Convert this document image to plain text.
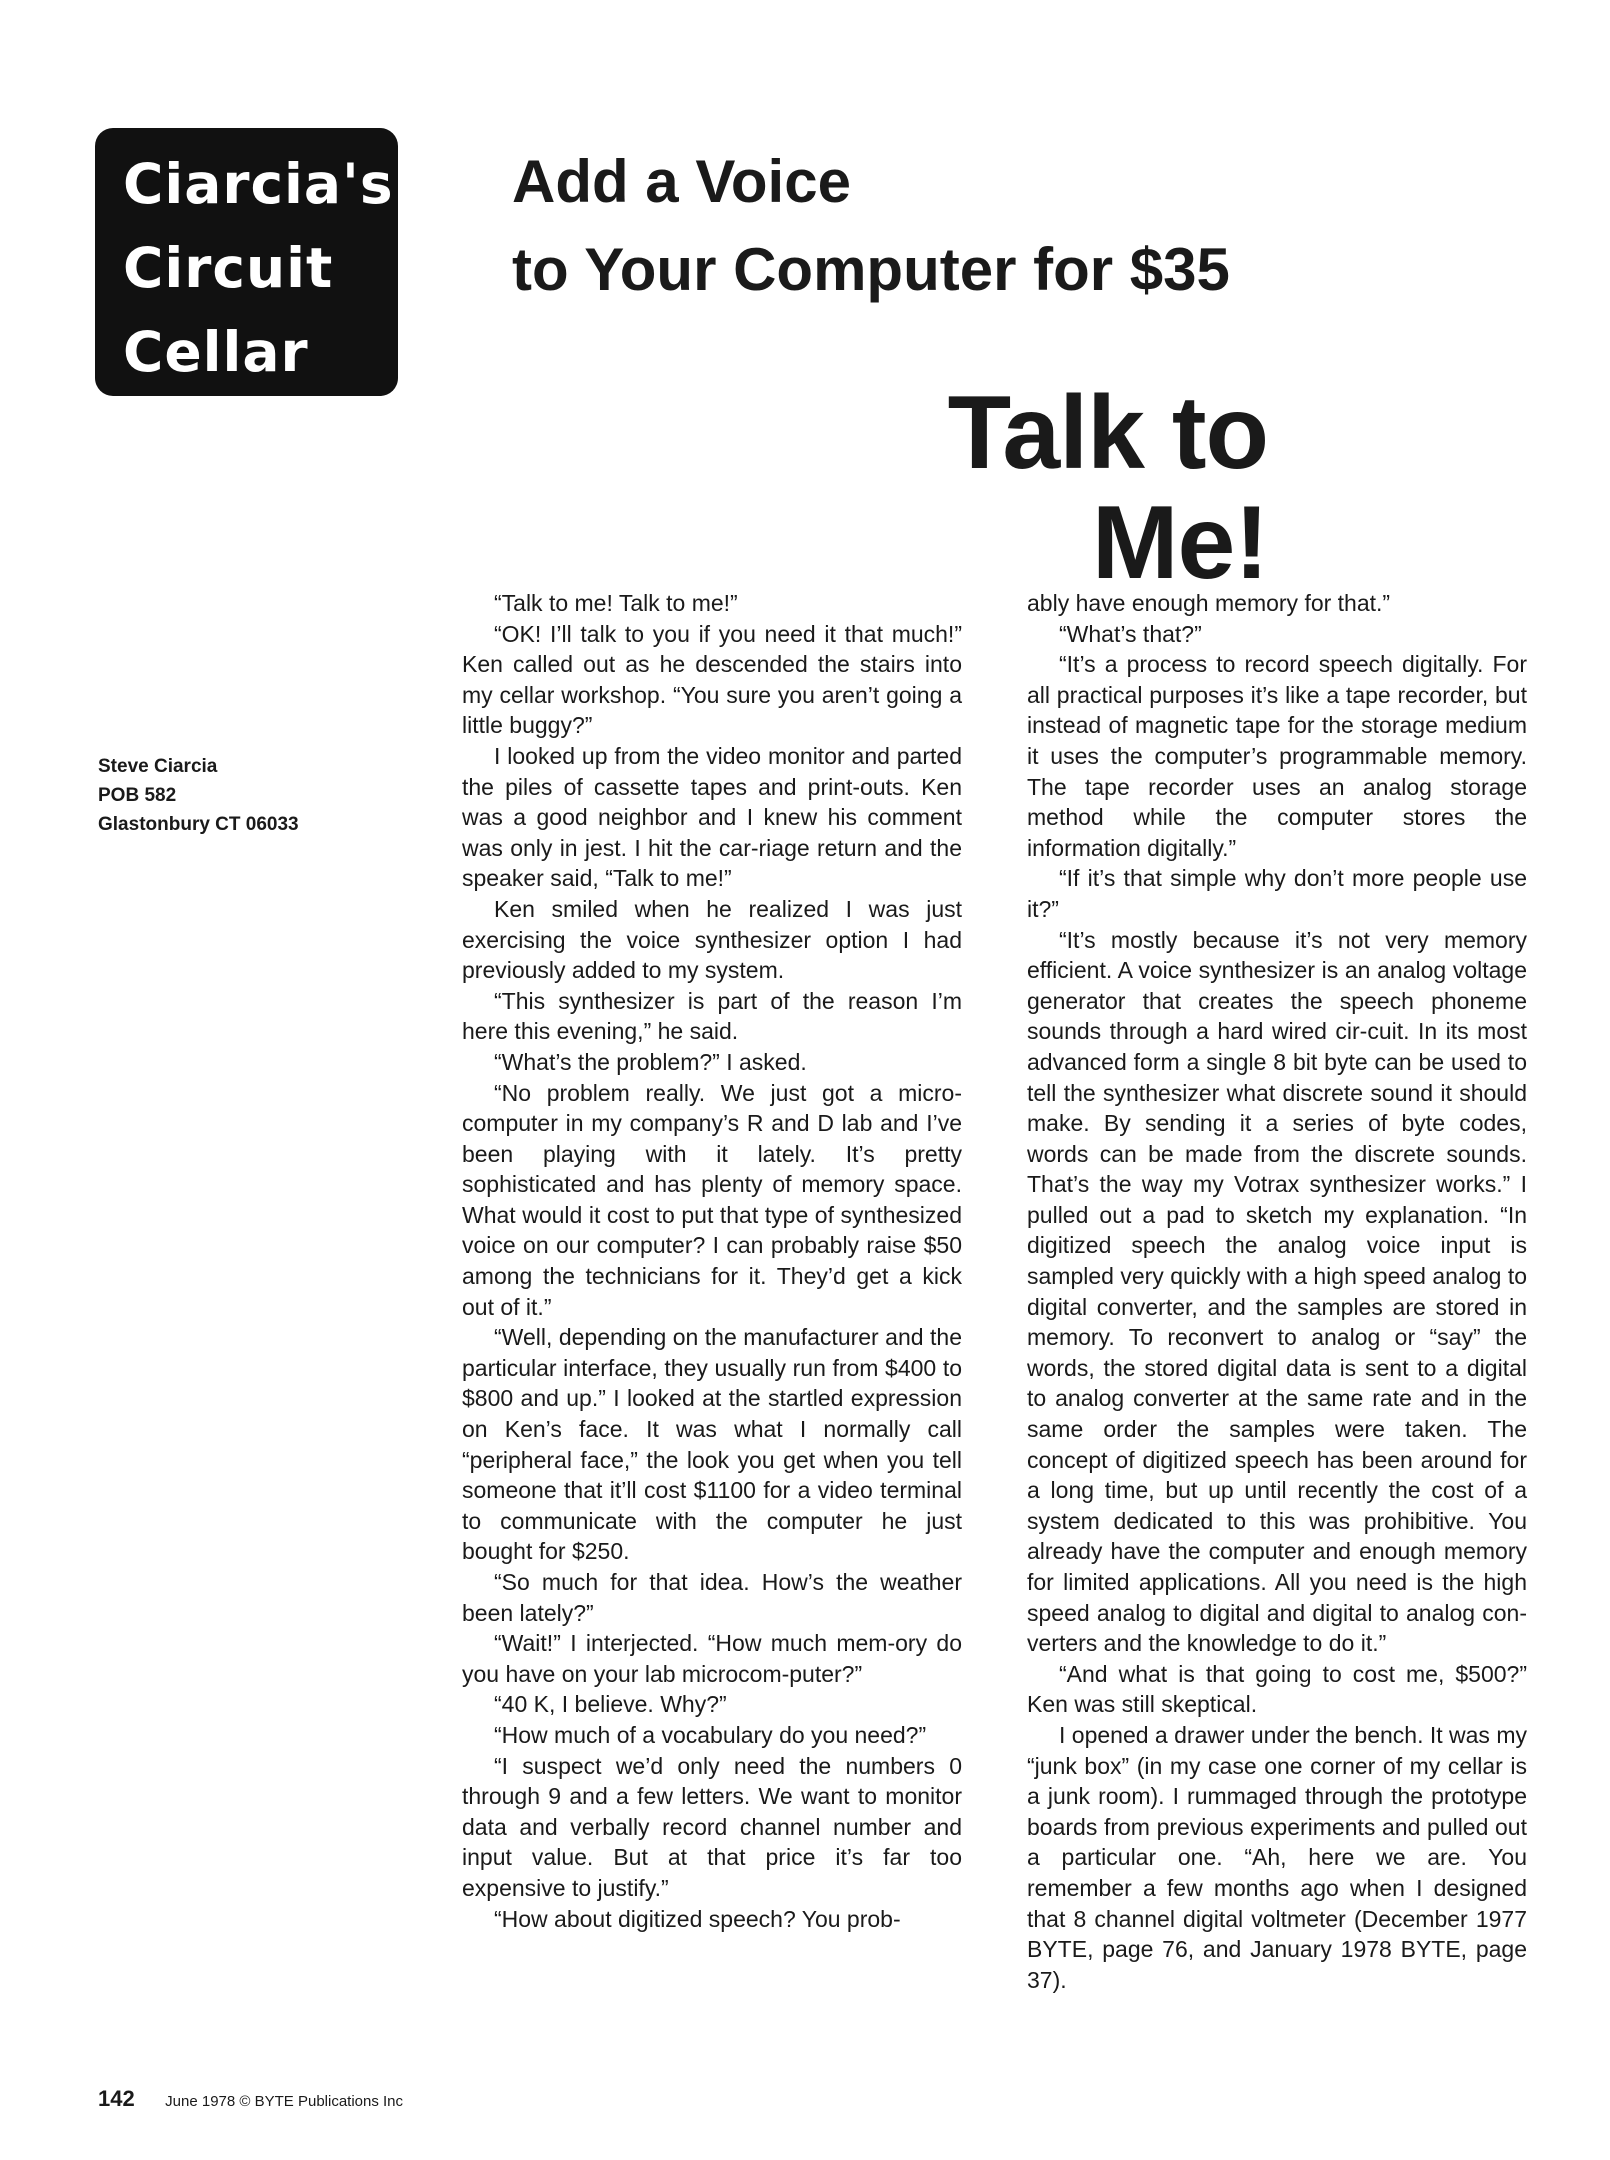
Ciarcia's
Circuit
Cellar
Add a Voice
to Your Computer for $35
Talk to Me!
Steve Ciarcia
POB 582
Glastonbury CT 06033

“Talk to me! Talk to me!”

“OK! I’ll talk to you if you need it that much!” Ken called out as he descended the stairs into my cellar workshop. “You sure you aren’t going a little buggy?”

I looked up from the video monitor and parted the piles of cassette tapes and print-outs. Ken was a good neighbor and I knew his comment was only in jest. I hit the car-riage return and the speaker said, “Talk to me!”

Ken smiled when he realized I was just exercising the voice synthesizer option I had previously added to my system.

“This synthesizer is part of the reason I’m here this evening,” he said.

“What’s the problem?” I asked.

“No problem really. We just got a micro-computer in my company’s R and D lab and I’ve been playing with it lately. It’s pretty sophisticated and has plenty of memory space. What would it cost to put that type of synthesized voice on our computer? I can probably raise $50 among the technicians for it. They’d get a kick out of it.”

“Well, depending on the manufacturer and the particular interface, they usually run from $400 to $800 and up.” I looked at the startled expression on Ken’s face. It was what I normally call “peripheral face,” the look you get when you tell someone that it’ll cost $1100 for a video terminal to communicate with the computer he just bought for $250.

“So much for that idea. How’s the weather been lately?”

“Wait!” I interjected. “How much mem-ory do you have on your lab microcom-puter?”

“40 K, I believe. Why?”

“How much of a vocabulary do you need?”

“I suspect we’d only need the numbers 0 through 9 and a few letters. We want to monitor data and verbally record channel number and input value. But at that price it’s far too expensive to justify.”

“How about digitized speech? You prob-

ably have enough memory for that.”

“What’s that?”

“It’s a process to record speech digitally. For all practical purposes it’s like a tape recorder, but instead of magnetic tape for the storage medium it uses the computer’s programmable memory. The tape recorder uses an analog storage method while the computer stores the information digitally.”

“If it’s that simple why don’t more people use it?”

“It’s mostly because it’s not very memory efficient. A voice synthesizer is an analog voltage generator that creates the speech phoneme sounds through a hard wired cir-cuit. In its most advanced form a single 8 bit byte can be used to tell the synthesizer what discrete sound it should make. By sending it a series of byte codes, words can be made from the discrete sounds. That’s the way my Votrax synthesizer works.” I pulled out a pad to sketch my explanation. “In digitized speech the analog voice input is sampled very quickly with a high speed analog to digital converter, and the samples are stored in memory. To reconvert to analog or “say” the words, the stored digital data is sent to a digital to analog converter at the same rate and in the same order the samples were taken. The concept of digitized speech has been around for a long time, but up until recently the cost of a system dedicated to this was prohibitive. You already have the computer and enough memory for limited applications. All you need is the high speed analog to digital and digital to analog con-verters and the knowledge to do it.”

“And what is that going to cost me, $500?” Ken was still skeptical.

I opened a drawer under the bench. It was my “junk box” (in my case one corner of my cellar is a junk room). I rummaged through the prototype boards from previous experiments and pulled out a particular one. “Ah, here we are. You remember a few months ago when I designed that 8 channel digital voltmeter (December 1977 BYTE, page 76, and January 1978 BYTE, page 37).

142 June 1978 © BYTE Publications Inc
